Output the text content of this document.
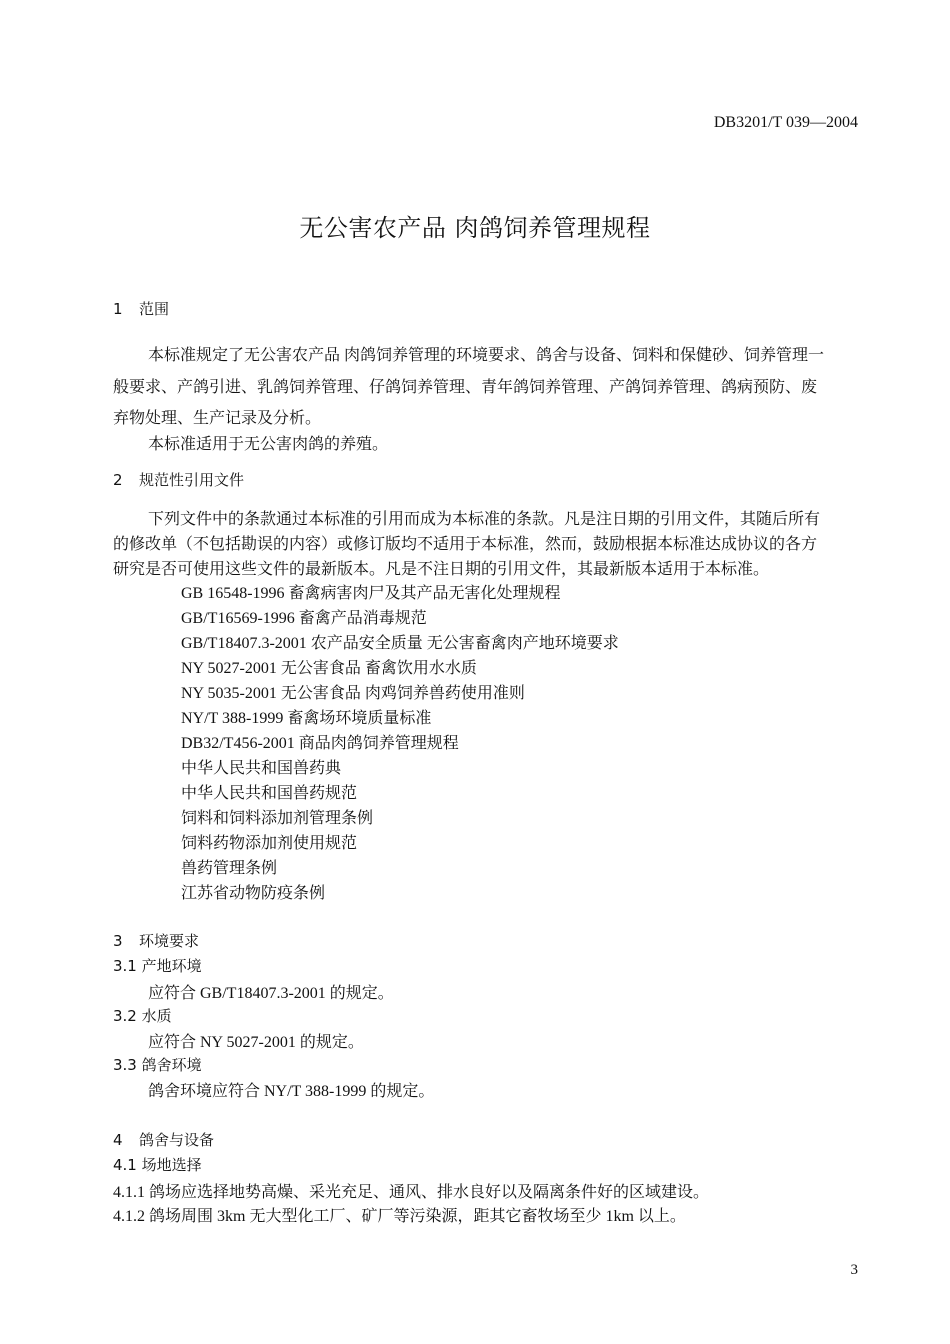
DB3201/T 039—2004
无公害农产品 肉鸽饲养管理规程
1 范围
本标准规定了无公害农产品 肉鸽饲养管理的环境要求、鸽舍与设备、饲料和保健砂、饲养管理一
般要求、产鸽引进、乳鸽饲养管理、仔鸽饲养管理、青年鸽饲养管理、产鸽饲养管理、鸽病预防、废
弃物处理、生产记录及分析。
本标准适用于无公害肉鸽的养殖。
2 规范性引用文件
下列文件中的条款通过本标准的引用而成为本标准的条款。凡是注日期的引用文件，其随后所有
的修改单（不包括勘误的内容）或修订版均不适用于本标准，然而，鼓励根据本标准达成协议的各方
研究是否可使用这些文件的最新版本。凡是不注日期的引用文件，其最新版本适用于本标准。
GB 16548-1996 畜禽病害肉尸及其产品无害化处理规程
GB/T16569-1996 畜禽产品消毒规范
GB/T18407.3-2001 农产品安全质量 无公害畜禽肉产地环境要求
NY 5027-2001 无公害食品 畜禽饮用水水质
NY 5035-2001 无公害食品 肉鸡饲养兽药使用准则
NY/T 388-1999 畜禽场环境质量标准
DB32/T456-2001 商品肉鸽饲养管理规程
中华人民共和国兽药典
中华人民共和国兽药规范
饲料和饲料添加剂管理条例
饲料药物添加剂使用规范
兽药管理条例
江苏省动物防疫条例
3 环境要求
3.1 产地环境
应符合 GB/T18407.3-2001 的规定。
3.2 水质
应符合 NY 5027-2001 的规定。
3.3 鸽舍环境
鸽舍环境应符合 NY/T 388-1999 的规定。
4 鸽舍与设备
4.1 场地选择
4.1.1 鸽场应选择地势高燥、采光充足、通风、排水良好以及隔离条件好的区域建设。
4.1.2 鸽场周围 3km 无大型化工厂、矿厂等污染源，距其它畜牧场至少 1km 以上。
3
